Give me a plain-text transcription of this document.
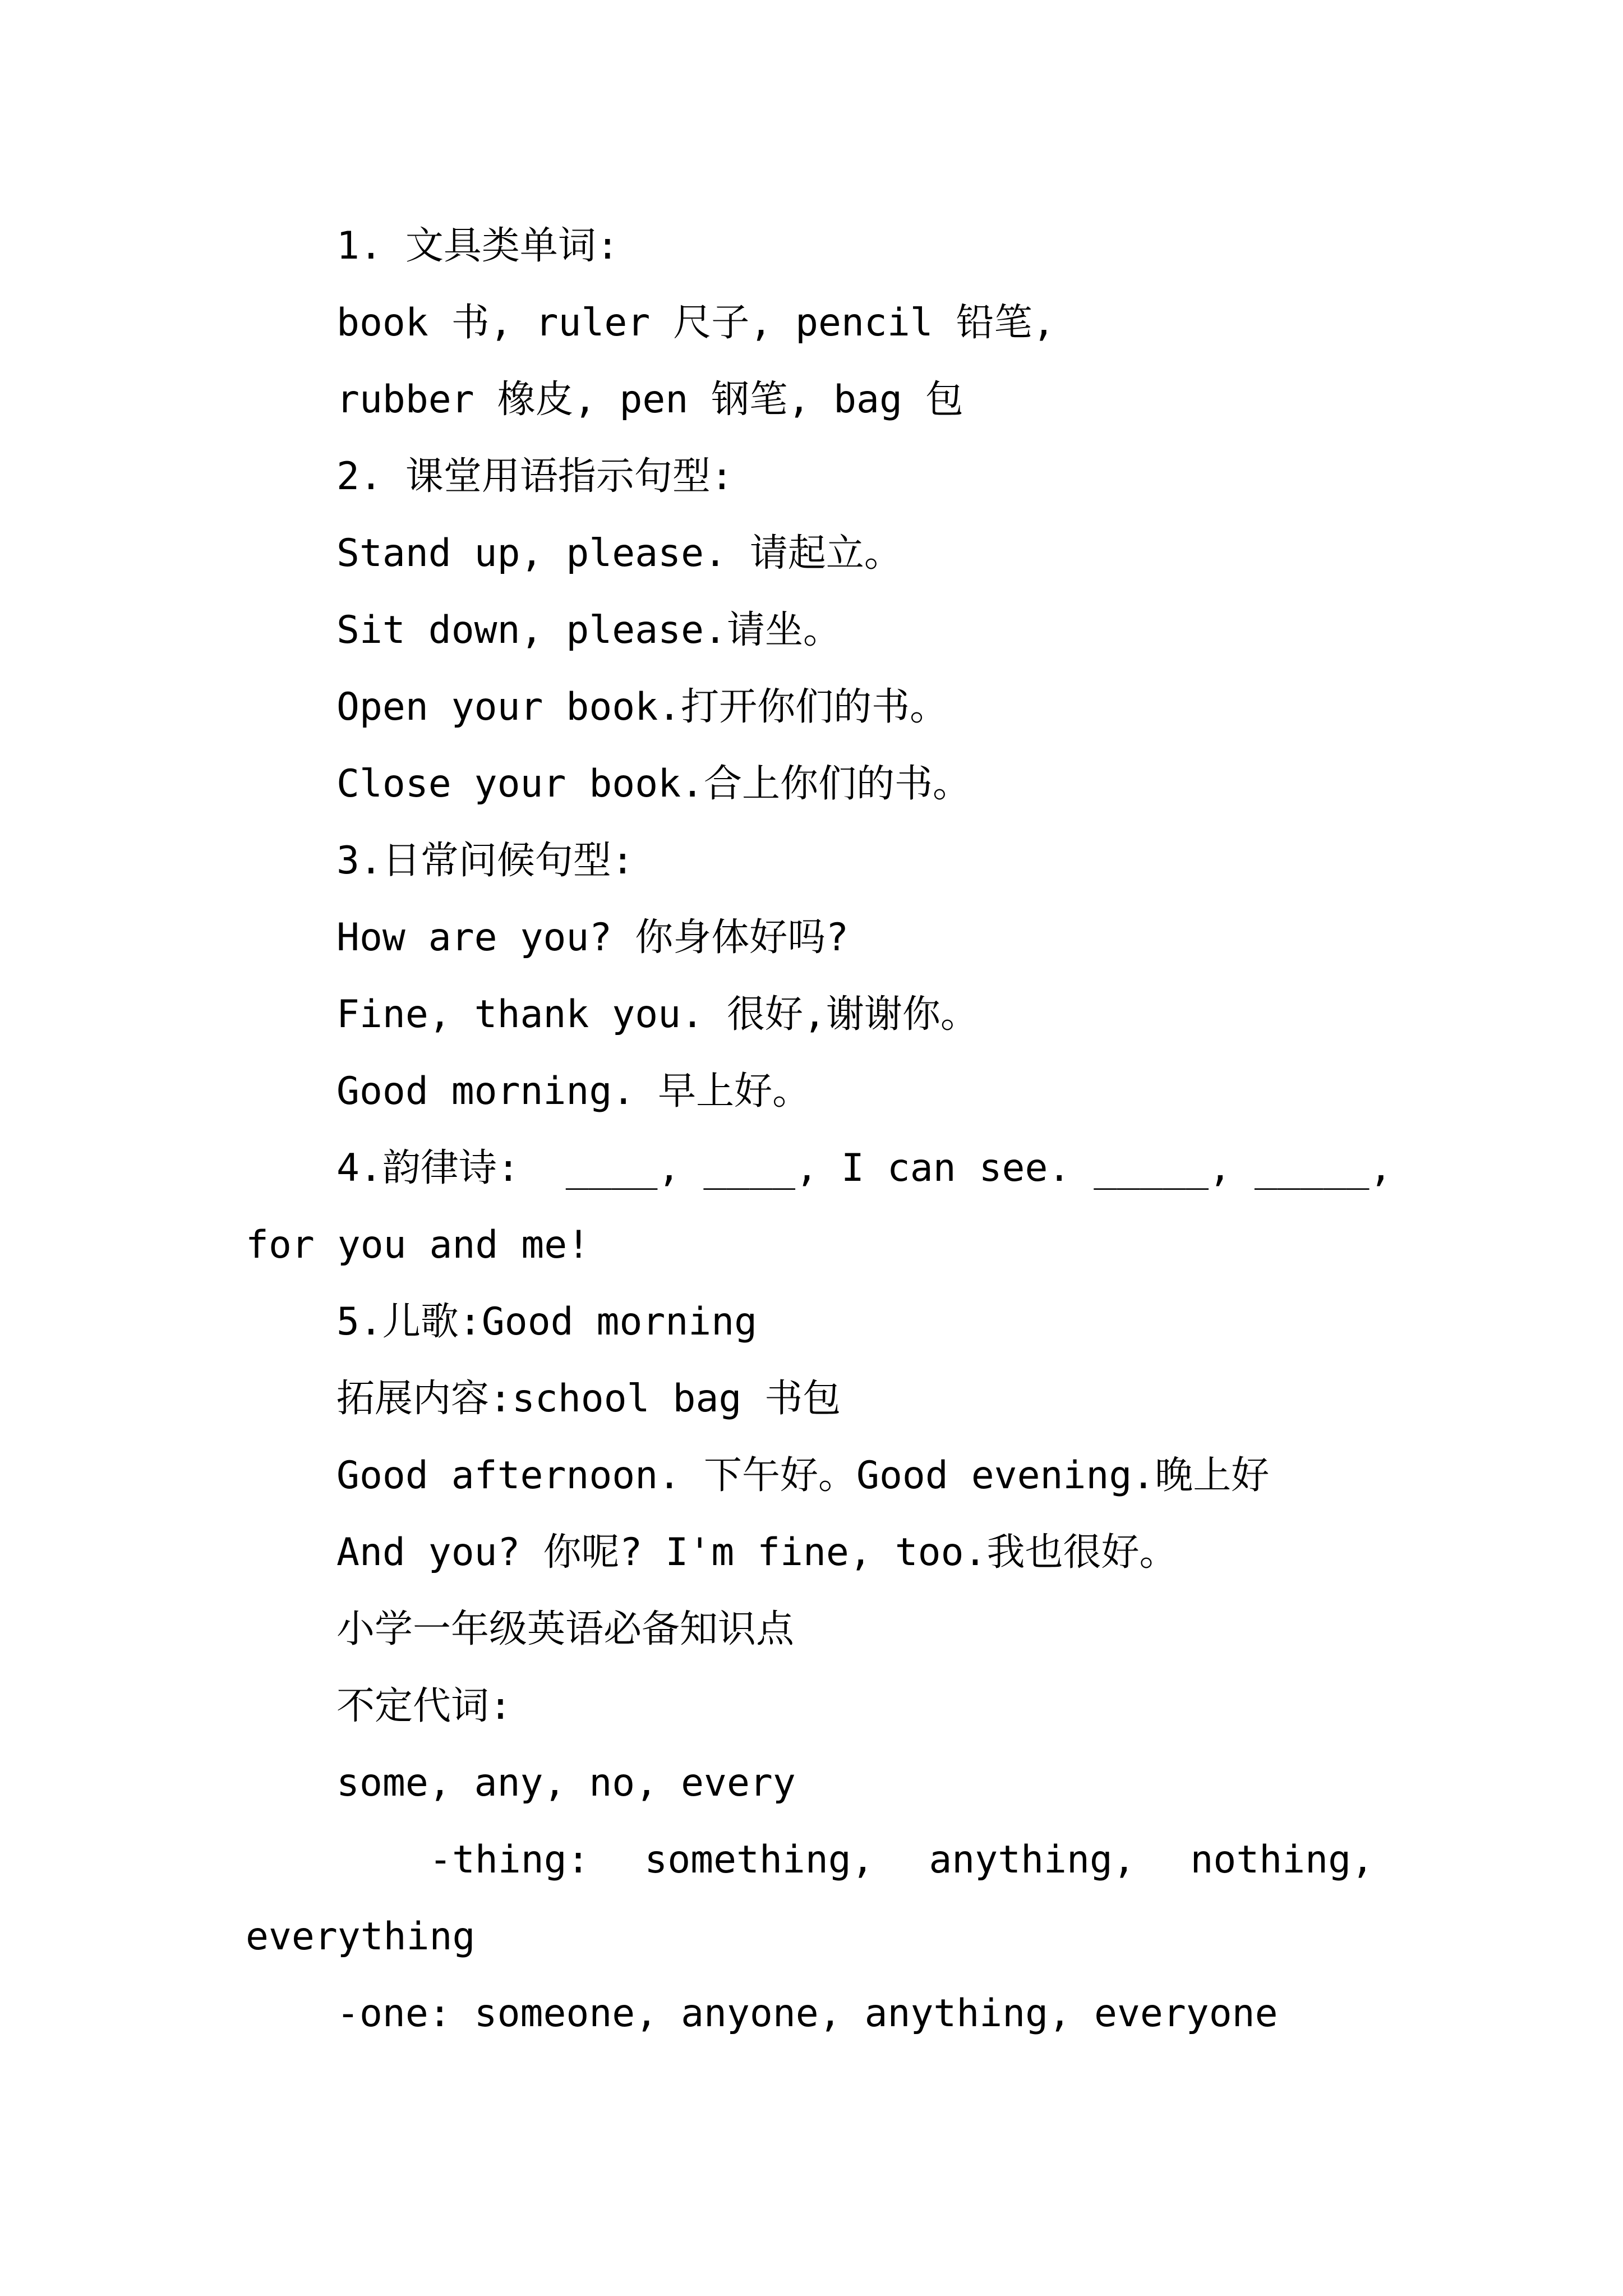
1. 文具类单词:
book 书, ruler 尺子, pencil 铅笔,
rubber 橡皮, pen 钢笔, bag 包
2. 课堂用语指示句型:
Stand up, please. 请起立。
Sit down, please.请坐。
Open your book.打开你们的书。
Close your book.合上你们的书。
3.日常问候句型:
How are you? 你身体好吗?
Fine, thank you. 很好,谢谢你。
Good morning. 早上好。
4.韵律诗:  ____, ____, I can see. _____, _____,
for you and me!
5.儿歌:Good morning
拓展内容:school bag 书包
Good afternoon. 下午好。Good evening.晚上好
And you? 你呢? I'm fine, too.我也很好。
小学一年级英语必备知识点
不定代词:
some, any, no, every
-thing: something, anything, nothing,
everything
-one: someone, anyone, anything, everyone
